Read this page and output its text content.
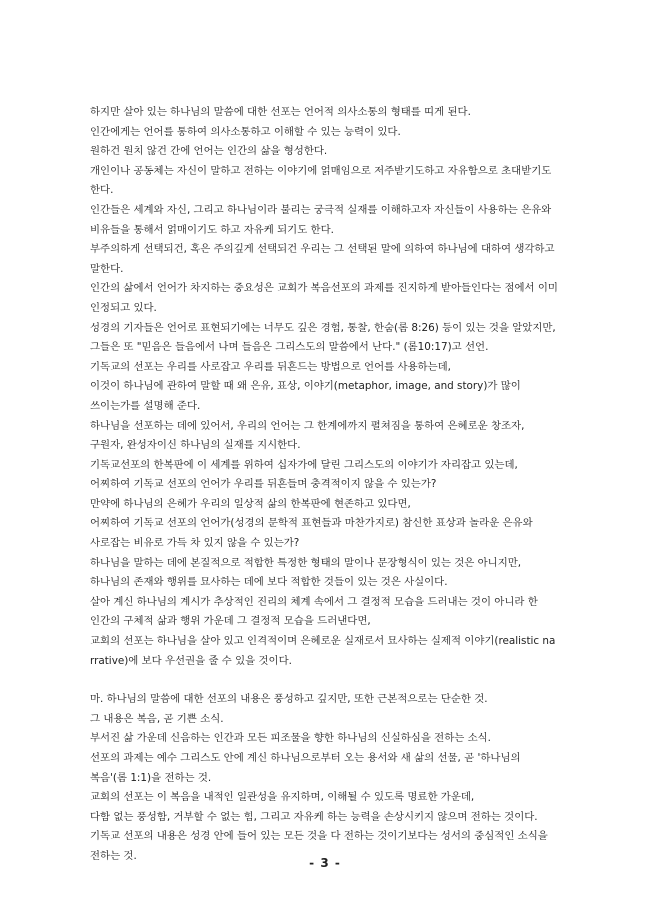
하지만 살아 있는 하나님의 말씀에 대한 선포는 언어적 의사소통의 형태를 띠게 된다.

인간에게는 언어를 통하여 의사소통하고 이해할 수 있는 능력이 있다.

원하건 원치 않건 간에 언어는 인간의 삶을 형성한다.

개인이나 공동체는 자신이 말하고 전하는 이야기에 얽매임으로 저주받기도하고 자유함으로 초대받기도 한다.

인간들은 세계와 자신, 그리고 하나님이라 불리는 궁극적 실재를 이해하고자 자신들이 사용하는 은유와 비유들을 통해서 얽매이기도 하고 자유케 되기도 한다.

부주의하게 선택되건, 혹은 주의깊게 선택되건 우리는 그 선택된 말에 의하여 하나님에 대하여 생각하고 말한다.

인간의 삶에서 언어가 차지하는 중요성은 교회가 복음선포의 과제를 진지하게 받아들인다는 점에서 이미 인정되고 있다.

성경의 기자들은 언어로 표현되기에는 너무도 깊은 경험, 통찰, 한숨(롬 8:26) 등이 있는 것을 알았지만,

그들은 또 "믿음은 들음에서 나며 들음은 그리스도의 말씀에서 난다." (롬10:17)고 선언.

기독교의 선포는 우리를 사로잡고 우리를 뒤흔드는 방법으로 언어를 사용하는데,

이것이 하나님에 관하여 말할 때 왜 은유, 표상, 이야기(metaphor, image, and story)가 많이 쓰이는가를 설명해 준다.

하나님을 선포하는 데에 있어서, 우리의 언어는 그 한계에까지 펼쳐짐을 통하여 은혜로운 창조자, 구원자, 완성자이신 하나님의 실재를 지시한다.

기독교선포의 한복판에 이 세계를 위하여 십자가에 달린 그리스도의 이야기가 자리잡고 있는데, 어찌하여 기독교 선포의 언어가 우리를 뒤흔들며 충격적이지 않을 수 있는가?

만약에 하나님의 은혜가 우리의 일상적 삶의 한복판에 현존하고 있다면,

어찌하여 기독교 선포의 언어가(성경의 문학적 표현들과 마찬가지로) 참신한 표상과 놀라운 은유와 사로잡는 비유로 가득 차 있지 않을 수 있는가?

하나님을 말하는 데에 본질적으로 적합한 특정한 형태의 말이나 문장형식이 있는 것은 아니지만,

하나님의 존재와 행위를 묘사하는 데에 보다 적합한 것들이 있는 것은 사실이다.

살아 계신 하나님의 계시가 추상적인 진리의 체계 속에서 그 결정적 모습을 드러내는 것이 아니라 한 인간의 구체적 삶과 행위 가운데 그 결정적 모습을 드러낸다면,

교회의 선포는 하나님을 살아 있고 인격적이며 은혜로운 실재로서 묘사하는 실제적 이야기(realistic narrative)에 보다 우선권을 줄 수 있을 것이다.

마. 하나님의 말씀에 대한 선포의 내용은 풍성하고 깊지만, 또한 근본적으로는 단순한 것.

그 내용은 복음, 곧 기쁜 소식.

부서진 삶 가운데 신음하는 인간과 모든 피조물을 향한 하나님의 신실하심을 전하는 소식.

선포의 과제는 예수 그리스도 안에 계신 하나님으로부터 오는 용서와 새 삶의 선물, 곧 '하나님의 복음'(롬 1:1)을 전하는 것.

교회의 선포는 이 복음을 내적인 일관성을 유지하며, 이해될 수 있도록 명료한 가운데,

다함 없는 풍성함, 거부할 수 없는 힘, 그리고 자유케 하는 능력을 손상시키지 않으며 전하는 것이다.

기독교 선포의 내용은 성경 안에 들어 있는 모든 것을 다 전하는 것이기보다는 성서의 중심적인 소식을 전하는 것.

- 3 -
